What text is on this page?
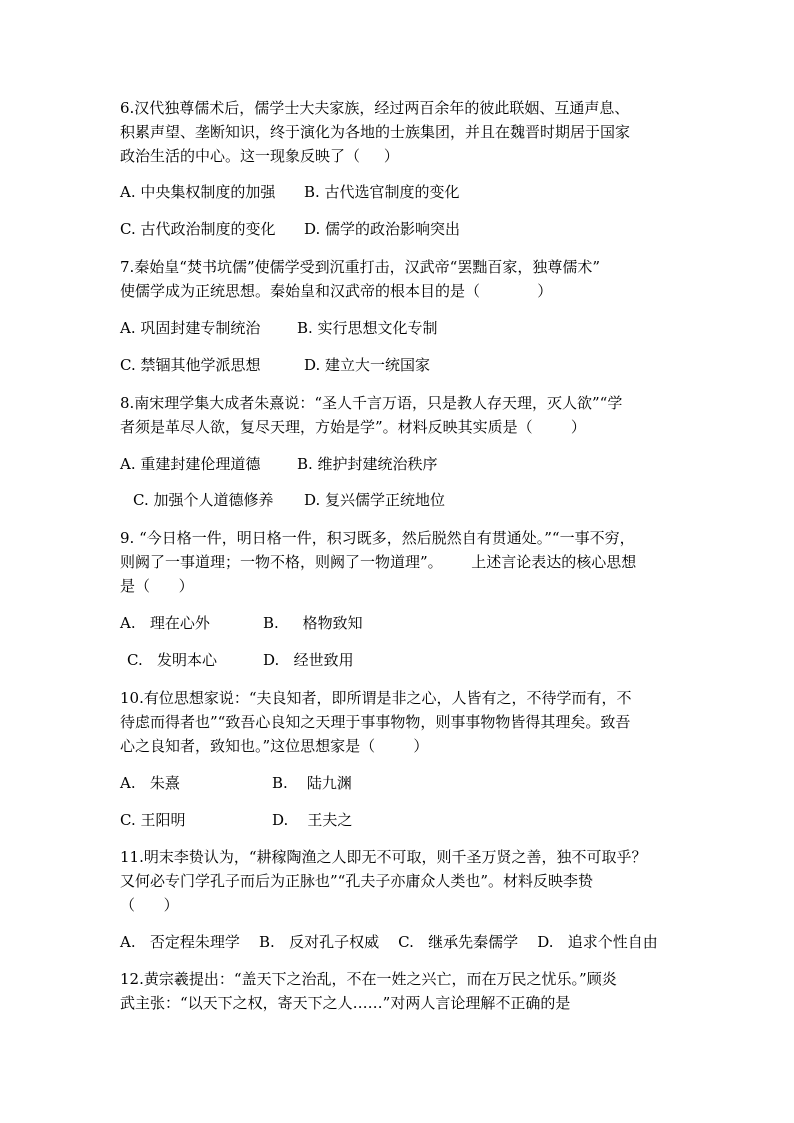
6.汉代独尊儒术后，儒学士大夫家族，经过两百余年的彼此联姻、互通声息、
积累声望、垄断知识，终于演化为各地的士族集团，并且在魏晋时期居于国家
政治生活的中心。这一现象反映了（     ）
A. 中央集权制度的加强 B. 古代选官制度的变化
C. 古代政治制度的变化 D. 儒学的政治影响突出
7.秦始皇“焚书坑儒”使儒学受到沉重打击，汉武帝“罢黜百家，独尊儒术”
使儒学成为正统思想。秦始皇和汉武帝的根本目的是（            ）
A. 巩固封建专制统治 B. 实行思想文化专制
C. 禁锢其他学派思想	D. 建立大一统国家
8.南宋理学集大成者朱熹说：“圣人千言万语，只是教人存天理，灭人欲”“学
者须是革尽人欲，复尽天理，方始是学”。材料反映其实质是（        ）
A. 重建封建伦理道德 B. 维护封建统治秩序
C. 加强个人道德修养 D. 复兴儒学正统地位
9. “今日格一件，明日格一件，积习既多，然后脱然自有贯通处。”“一事不穷，
则阙了一事道理；一物不格，则阙了一物道理”。      上述言论表达的核心思想
是（      ）
A.   理在心外	B.     格物致知
C.   发明本心	D.   经世致用
10.有位思想家说：“夫良知者，即所谓是非之心，人皆有之，不待学而有，不
待虑而得者也”“致吾心良知之天理于事事物物，则事事物物皆得其理矣。致吾
心之良知者，致知也。”这位思想家是（        ）
A.   朱熹	B.    陆九渊
C. 王阳明	D.    王夫之
11.明末李贽认为，“耕稼陶渔之人即无不可取，则千圣万贤之善，独不可取乎？
又何必专门学孔子而后为正脉也”“孔夫子亦庸众人类也”。材料反映李贽
（      ）
A.   否定程朱理学    B.   反对孔子权威    C.   继承先秦儒学    D.   追求个性自由
12.黄宗羲提出：“盖天下之治乱，不在一姓之兴亡，而在万民之忧乐。”顾炎
武主张：“以天下之权，寄天下之人……”对两人言论理解不正确的是
